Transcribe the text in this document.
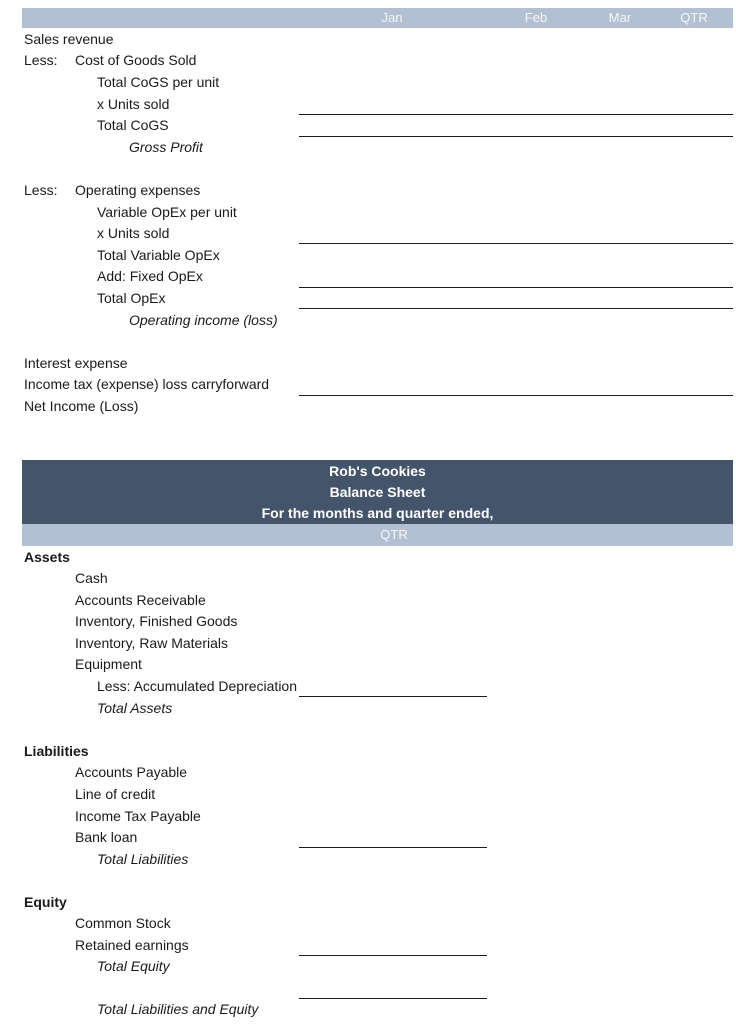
Jan	Feb	Mar	QTR
Sales revenue
Less: Cost of Goods Sold
Total CoGS per unit
x Units sold
Total CoGS
Gross Profit
Less: Operating expenses
Variable OpEx per unit
x Units sold
Total Variable OpEx
Add: Fixed OpEx
Total OpEx
Operating income (loss)
Interest expense
Income tax (expense) loss carryforward
Net Income (Loss)
Rob's Cookies
Balance Sheet
For the months and quarter ended,
QTR
Assets
Cash
Accounts Receivable
Inventory, Finished Goods
Inventory, Raw Materials
Equipment
Less: Accumulated Depreciation
Total Assets
Liabilities
Accounts Payable
Line of credit
Income Tax Payable
Bank loan
Total Liabilities
Equity
Common Stock
Retained earnings
Total Equity
Total Liabilities and Equity
